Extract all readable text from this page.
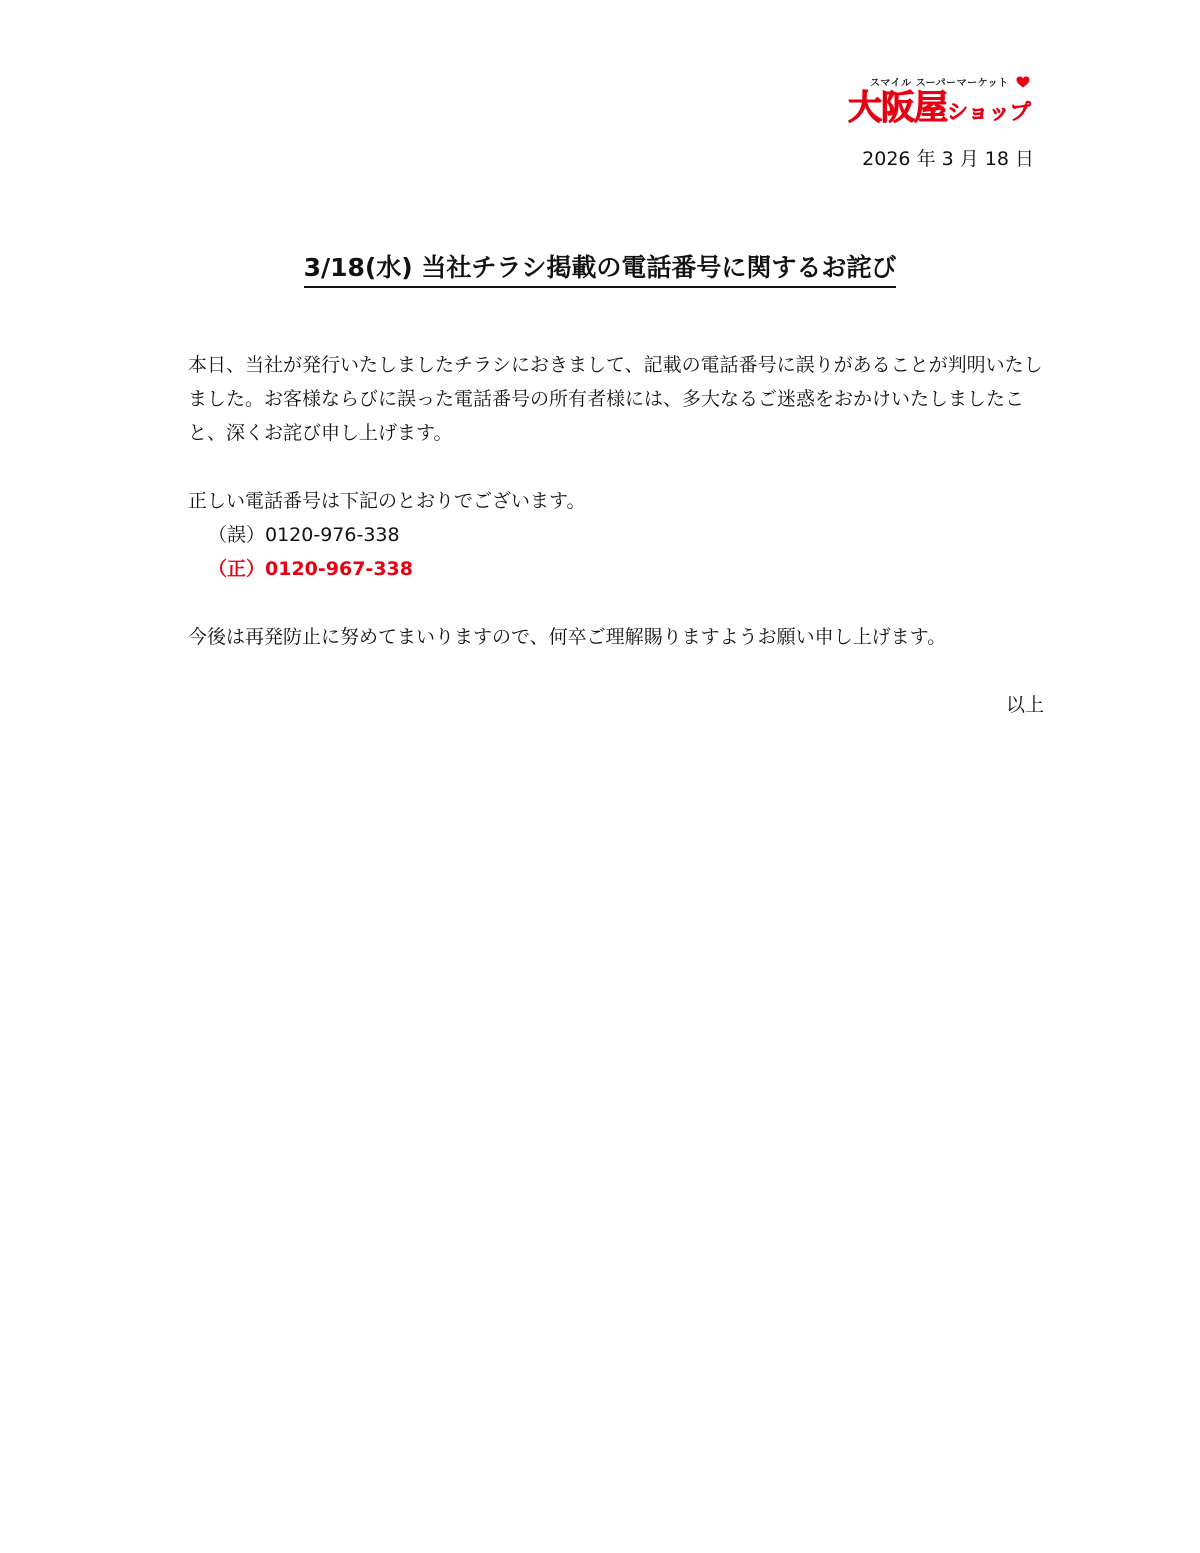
スマイル スーパーマーケット
大阪屋ショップ
2026 年 3 月 18 日
3/18(水) 当社チラシ掲載の電話番号に関するお詫び

本日、当社が発行いたしましたチラシにおきまして、記載の電話番号に誤りがあることが判明いたしました。お客様ならびに誤った電話番号の所有者様には、多大なるご迷惑をおかけいたしましたこと、深くお詫び申し上げます。

正しい電話番号は下記のとおりでございます。

（誤）0120-976-338

（正）0120-967-338

今後は再発防止に努めてまいりますので、何卒ご理解賜りますようお願い申し上げます。

以上
